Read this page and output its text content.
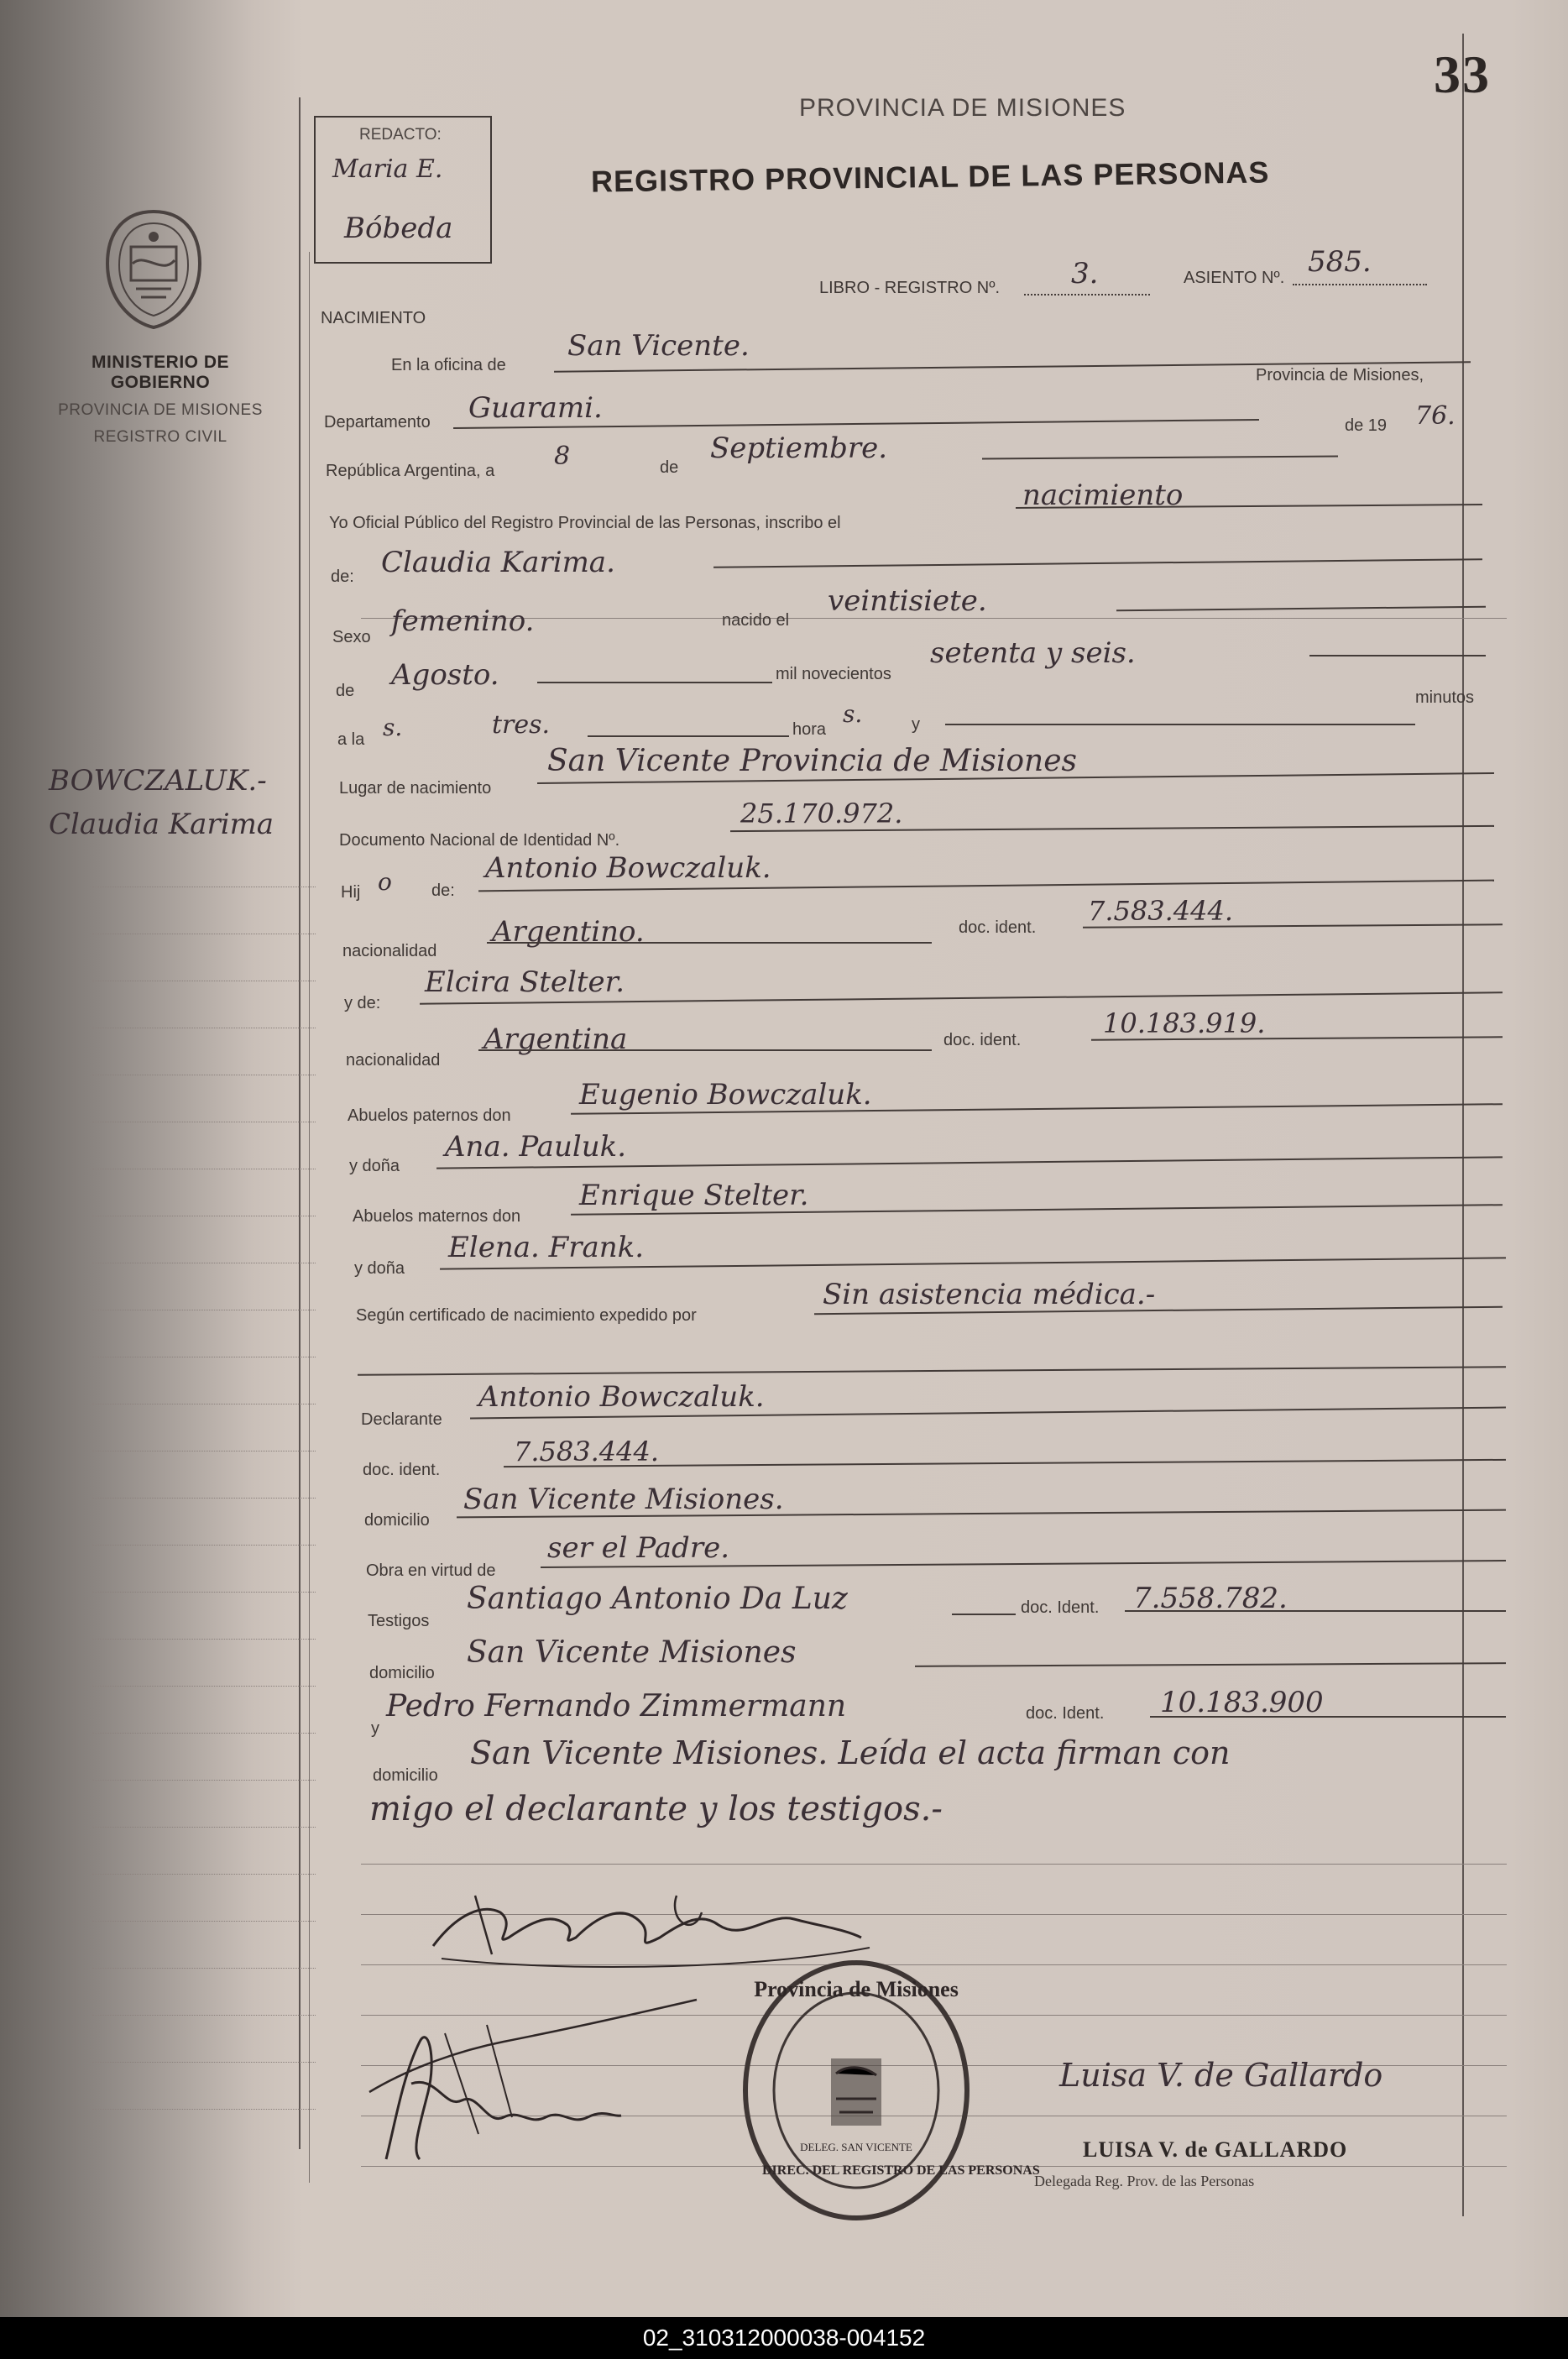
33
PROVINCIA DE MISIONES
REGISTRO PROVINCIAL DE LAS PERSONAS
REDACTO:
Maria E.
Bóbeda
MINISTERIO DE GOBIERNO
PROVINCIA DE MISIONES
REGISTRO CIVIL
LIBRO - REGISTRO Nº. 3.	ASIENTO Nº. 585.
BOWCZALUK.-
Claudia Karima
NACIMIENTO
En la oficina de
San Vicente.
Provincia de Misiones,
Departamento Guarami.
de 19 76.
República Argentina, a 8	de
Septiembre.
Yo Oficial Público del Registro Provincial de las Personas, inscribo el
nacimiento
de: Claudia Karima.
Sexo femenino.	nacido el
veintisiete.
de Agosto.	mil novecientos
setenta y seis.
a la s.	tres.	hora
s.	y
minutos
Lugar de nacimiento
San Vicente Provincia de Misiones
Documento Nacional de Identidad Nº.
25.170.972.
Hij o de:
Antonio Bowczaluk.
nacionalidad
Argentino.	doc. ident.
7.583.444.
y de:
Elcira Stelter.
nacionalidad
Argentina	doc. ident.
10.183.919.
Abuelos paternos don
Eugenio Bowczaluk.
y doña
Ana. Pauluk.
Abuelos maternos don
Enrique Stelter.
y doña
Elena. Frank.
Según certificado de nacimiento expedido por
Sin asistencia médica.-
Declarante
Antonio Bowczaluk.
doc. ident.
7.583.444.
domicilio
San Vicente Misiones.
Obra en virtud de
ser el Padre.
Testigos
Santiago Antonio Da Luz	doc. Ident. 7.558.782.
domicilio
San Vicente Misiones
y
Pedro Fernando Zimmermann	doc. Ident. 10.183.900
domicilio
San Vicente Misiones. Leída el acta firman con
migo el declarante y los testigos.-
Provincia de Misiones
DIREC. DEL REGISTRO DE LAS PERSONAS
DELEG. SAN VICENTE
Luisa V. de Gallardo
LUISA V. de GALLARDO
Delegada Reg. Prov. de las Personas
02_310312000038-004152
